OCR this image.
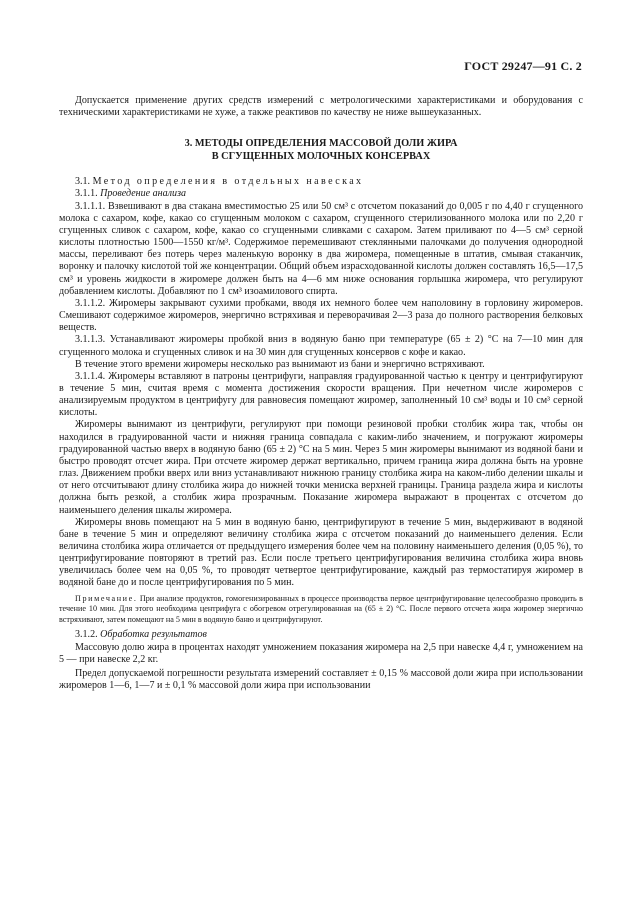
ГОСТ 29247—91 С. 2

Допускается применение других средств измерений с метрологическими характеристиками и оборудования с техническими характеристиками не хуже, а также реактивов по качеству не ниже вышеуказанных.

3. МЕТОДЫ ОПРЕДЕЛЕНИЯ МАССОВОЙ ДОЛИ ЖИРА
В СГУЩЕННЫХ МОЛОЧНЫХ КОНСЕРВАХ

3.1. Метод определения в отдельных навесках

3.1.1. Проведение анализа

3.1.1.1. Взвешивают в два стакана вместимостью 25 или 50 см³ с отсчетом показаний до 0,005 г по 4,40 г сгущенного молока с сахаром, кофе, какао со сгущенным молоком с сахаром, сгущенного стерилизованного молока или по 2,20 г сгущенных сливок с сахаром, кофе, какао со сгущенными сливками с сахаром. Затем приливают по 4—5 см³ серной кислоты плотностью 1500—1550 кг/м³. Содержимое перемешивают стеклянными палочками до получения однородной массы, переливают без потерь через маленькую воронку в два жиромера, помещенные в штатив, смывая стаканчик, воронку и палочку кислотой той же концентрации. Общий объем израсходованной кислоты должен составлять 16,5—17,5 см³ и уровень жидкости в жиромере должен быть на 4—6 мм ниже основания горлышка жиромера, что регулируют добавлением кислоты. Добавляют по 1 см³ изоамилового спирта.

3.1.1.2. Жиромеры закрывают сухими пробками, вводя их немного более чем наполовину в горловину жиромеров. Смешивают содержимое жиромеров, энергично встряхивая и переворачивая 2—3 раза до полного растворения белковых веществ.

3.1.1.3. Устанавливают жиромеры пробкой вниз в водяную баню при температуре (65 ± 2) °С на 7—10 мин для сгущенного молока и сгущенных сливок и на 30 мин для сгущенных консервов с кофе и какао.

В течение этого времени жиромеры несколько раз вынимают из бани и энергично встряхивают.

3.1.1.4. Жиромеры вставляют в патроны центрифуги, направляя градуированной частью к центру и центрифугируют в течение 5 мин, считая время с момента достижения скорости вращения. При нечетном числе жиромеров с анализируемым продуктом в центрифугу для равновесия помещают жиромер, заполненный 10 см³ воды и 10 см³ серной кислоты.

Жиромеры вынимают из центрифуги, регулируют при помощи резиновой пробки столбик жира так, чтобы он находился в градуированной части и нижняя граница совпадала с каким-либо значением, и погружают жиромеры градуированной частью вверх в водяную баню (65 ± 2) °С на 5 мин. Через 5 мин жиромеры вынимают из водяной бани и быстро проводят отсчет жира. При отсчете жиромер держат вертикально, причем граница жира должна быть на уровне глаз. Движением пробки вверх или вниз устанавливают нижнюю границу столбика жира на каком-либо делении шкалы и от него отсчитывают длину столбика жира до нижней точки мениска верхней границы. Граница раздела жира и кислоты должна быть резкой, а столбик жира прозрачным. Показание жиромера выражают в процентах с отсчетом до наименьшего деления шкалы жиромера.

Жиромеры вновь помещают на 5 мин в водяную баню, центрифугируют в течение 5 мин, выдерживают в водяной бане в течение 5 мин и определяют величину столбика жира с отсчетом показаний до наименьшего деления. Если величина столбика жира отличается от предыдущего измерения более чем на половину наименьшего деления (0,05 %), то центрифугирование повторяют в третий раз. Если после третьего центрифугирования величина столбика жира вновь увеличилась более чем на 0,05 %, то проводят четвертое центрифугирование, каждый раз термостатируя жиромер в водяной бане до и после центрифугирования по 5 мин.

Примечание. При анализе продуктов, гомогенизированных в процессе производства первое центрифугирование целесообразно проводить в течение 10 мин. Для этого необходима центрифуга с обогревом отрегулированная на (65 ± 2) °С. После первого отсчета жира жиромер энергично встряхивают, затем помещают на 5 мин в водяную баню и центрифугируют.

3.1.2. Обработка результатов

Массовую долю жира в процентах находят умножением показания жиромера на 2,5 при навеске 4,4 г, умножением на 5 — при навеске 2,2 кг.

Предел допускаемой погрешности результата измерений составляет ± 0,15 % массовой доли жира при использовании жиромеров 1—6, 1—7 и ± 0,1 % массовой доли жира при использовании
